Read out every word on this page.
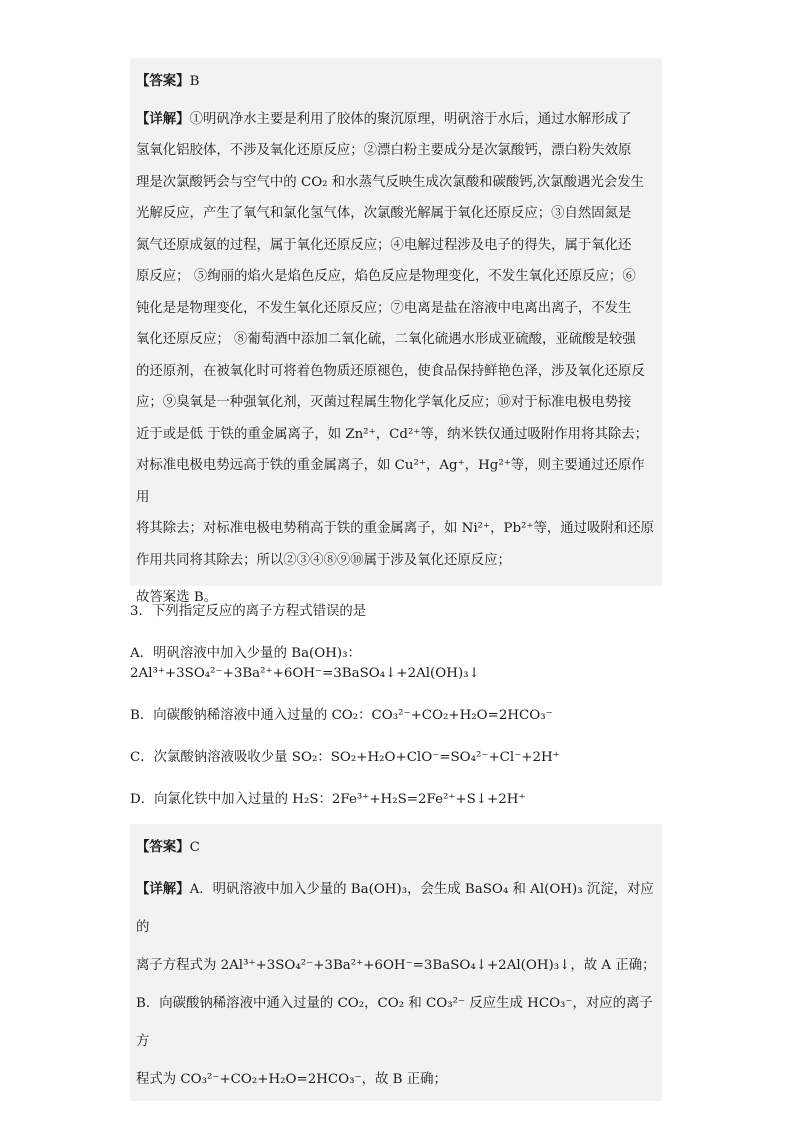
【答案】B

【详解】①明矾净水主要是利用了胶体的聚沉原理，明矾溶于水后，通过水解形成了

氢氧化铝胶体，不涉及氧化还原反应；②漂白粉主要成分是次氯酸钙，漂白粉失效原

理是次氯酸钙会与空气中的 CO₂ 和水蒸气反映生成次氯酸和碳酸钙,次氯酸遇光会发生

光解反应，产生了氧气和氯化氢气体，次氯酸光解属于氧化还原反应；③自然固氮是

氮气还原成氨的过程，属于氧化还原反应；④电解过程涉及电子的得失，属于氧化还

原反应； ⑤绚丽的焰火是焰色反应，焰色反应是物理变化，不发生氧化还原反应；⑥

钝化是是物理变化，不发生氧化还原反应；⑦电离是盐在溶液中电离出离子，不发生

氧化还原反应； ⑧葡萄酒中添加二氧化硫，二氧化硫遇水形成亚硫酸，亚硫酸是较强

的还原剂，在被氧化时可将着色物质还原褪色，使食品保持鲜艳色泽，涉及氧化还原反

应；⑨臭氧是一种强氧化剂，灭菌过程属生物化学氧化反应；⑩对于标准电极电势接

近于或是低 于铁的重金属离子，如 Zn²⁺，Cd²⁺等，纳米铁仅通过吸附作用将其除去；

对标准电极电势远高于铁的重金属离子，如 Cu²⁺，Ag⁺，Hg²⁺等，则主要通过还原作用

将其除去；对标准电极电势稍高于铁的重金属离子，如 Ni²⁺，Pb²⁺等，通过吸附和还原

作用共同将其除去；所以②③④⑧⑨⑩属于涉及氧化还原反应；

故答案选 B。

3．下列指定反应的离子方程式错误的是

A．明矾溶液中加入少量的 Ba(OH)₃：2Al³⁺+3SO₄²⁻+3Ba²⁺+6OH⁻=3BaSO₄↓+2Al(OH)₃↓

B．向碳酸钠稀溶液中通入过量的 CO₂：CO₃²⁻+CO₂+H₂O=2HCO₃⁻

C．次氯酸钠溶液吸收少量 SO₂：SO₂+H₂O+ClO⁻=SO₄²⁻+Cl⁻+2H⁺

D．向氯化铁中加入过量的 H₂S：2Fe³⁺+H₂S=2Fe²⁺+S↓+2H⁺

【答案】C

【详解】A．明矾溶液中加入少量的 Ba(OH)₃，会生成 BaSO₄ 和 Al(OH)₃ 沉淀，对应的

离子方程式为 2Al³⁺+3SO₄²⁻+3Ba²⁺+6OH⁻=3BaSO₄↓+2Al(OH)₃↓，故 A 正确；

B．向碳酸钠稀溶液中通入过量的 CO₂，CO₂ 和 CO₃²⁻ 反应生成 HCO₃⁻，对应的离子方

程式为 CO₃²⁻+CO₂+H₂O=2HCO₃⁻，故 B 正确；
